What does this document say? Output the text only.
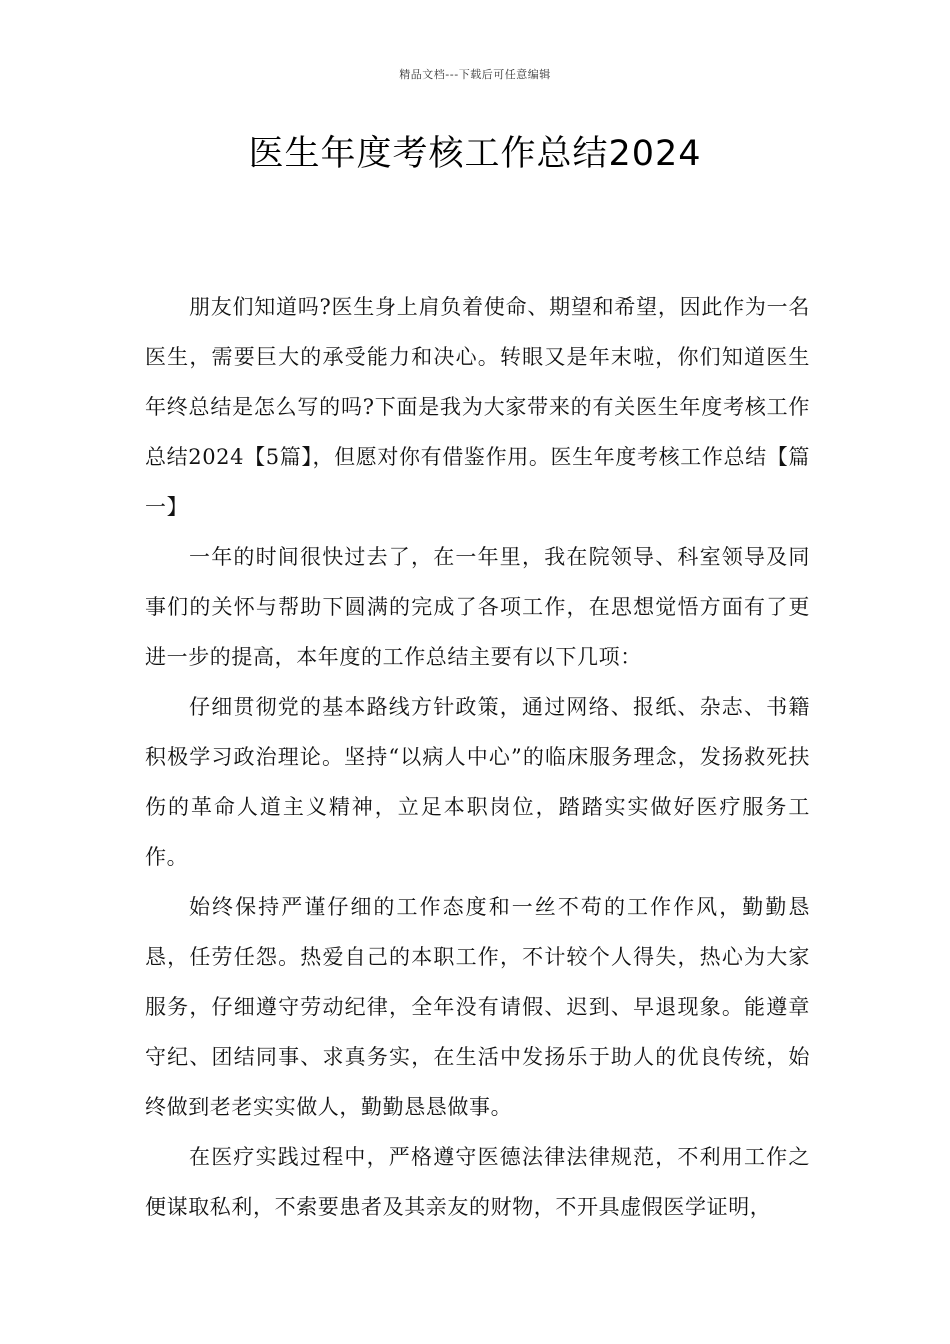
精品文档---下载后可任意编辑
医生年度考核工作总结2024

朋友们知道吗?医生身上肩负着使命、期望和希望，因此作为一名医生，需要巨大的承受能力和决心。转眼又是年末啦，你们知道医生年终总结是怎么写的吗?下面是我为大家带来的有关医生年度考核工作总结2024【5篇】，但愿对你有借鉴作用。医生年度考核工作总结【篇一】

一年的时间很快过去了，在一年里，我在院领导、科室领导及同事们的关怀与帮助下圆满的完成了各项工作，在思想觉悟方面有了更进一步的提高，本年度的工作总结主要有以下几项：

仔细贯彻党的基本路线方针政策，通过网络、报纸、杂志、书籍积极学习政治理论。坚持“以病人中心”的临床服务理念，发扬救死扶伤的革命人道主义精神，立足本职岗位，踏踏实实做好医疗服务工作。

始终保持严谨仔细的工作态度和一丝不苟的工作作风，勤勤恳恳，任劳任怨。热爱自己的本职工作，不计较个人得失，热心为大家服务，仔细遵守劳动纪律，全年没有请假、迟到、早退现象。能遵章守纪、团结同事、求真务实，在生活中发扬乐于助人的优良传统，始终做到老老实实做人，勤勤恳恳做事。

在医疗实践过程中，严格遵守医德法律法律规范，不利用工作之便谋取私利，不索要患者及其亲友的财物，不开具虚假医学证明，
